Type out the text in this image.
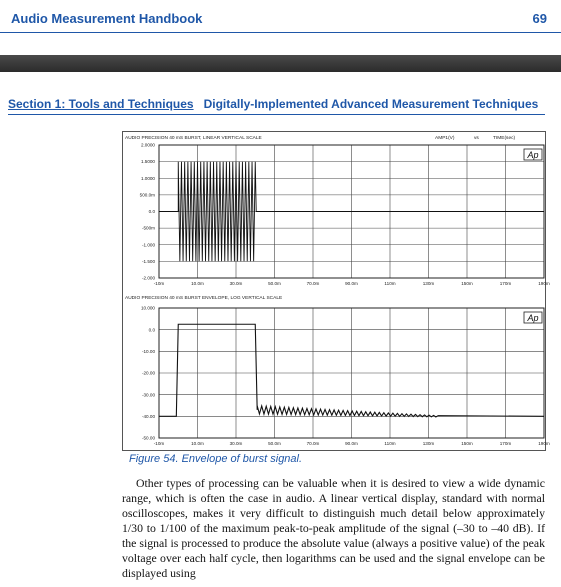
Audio Measurement Handbook	69
Section 1: Tools and Techniques Digitally-Implemented Advanced Measurement Techniques
-10m	10.0m	30.0m	50.0m	70.0m	90.0m	110m	130m	150m	170m	190m
2.0000
1.5000
1.0000
500.0m
0.0
-500m
-1.000
-1.500
-2.000
AUDIO PRECISION 40 mS BURST, LINEAR VERTICAL SCALE
Ap
AMP1(V)	vs	TIME(sec)
-10m	10.0m	30.0m	50.0m	70.0m	90.0m	110m	130m	150m	170m	190m
10.000
0.0
-10.00
-20.00
-30.00
-40.00
-50.00
AUDIO PRECISION 40 mS BURST ENVELOPE, LOG VERTICAL SCALE
Ap
Figure 54. Envelope of burst signal.

Other types of processing can be valuable when it is desired to view a wide dynamic range, which is often the case in audio. A linear vertical display, standard with normal oscilloscopes, makes it very difficult to distinguish much detail below approximately 1/30 to 1/100 of the maximum peak-to-peak amplitude of the signal (–30 to –40 dB). If the signal is processed to produce the absolute value (always a positive value) of the peak voltage over each half cycle, then logarithms can be used and the signal envelope can be displayed using
